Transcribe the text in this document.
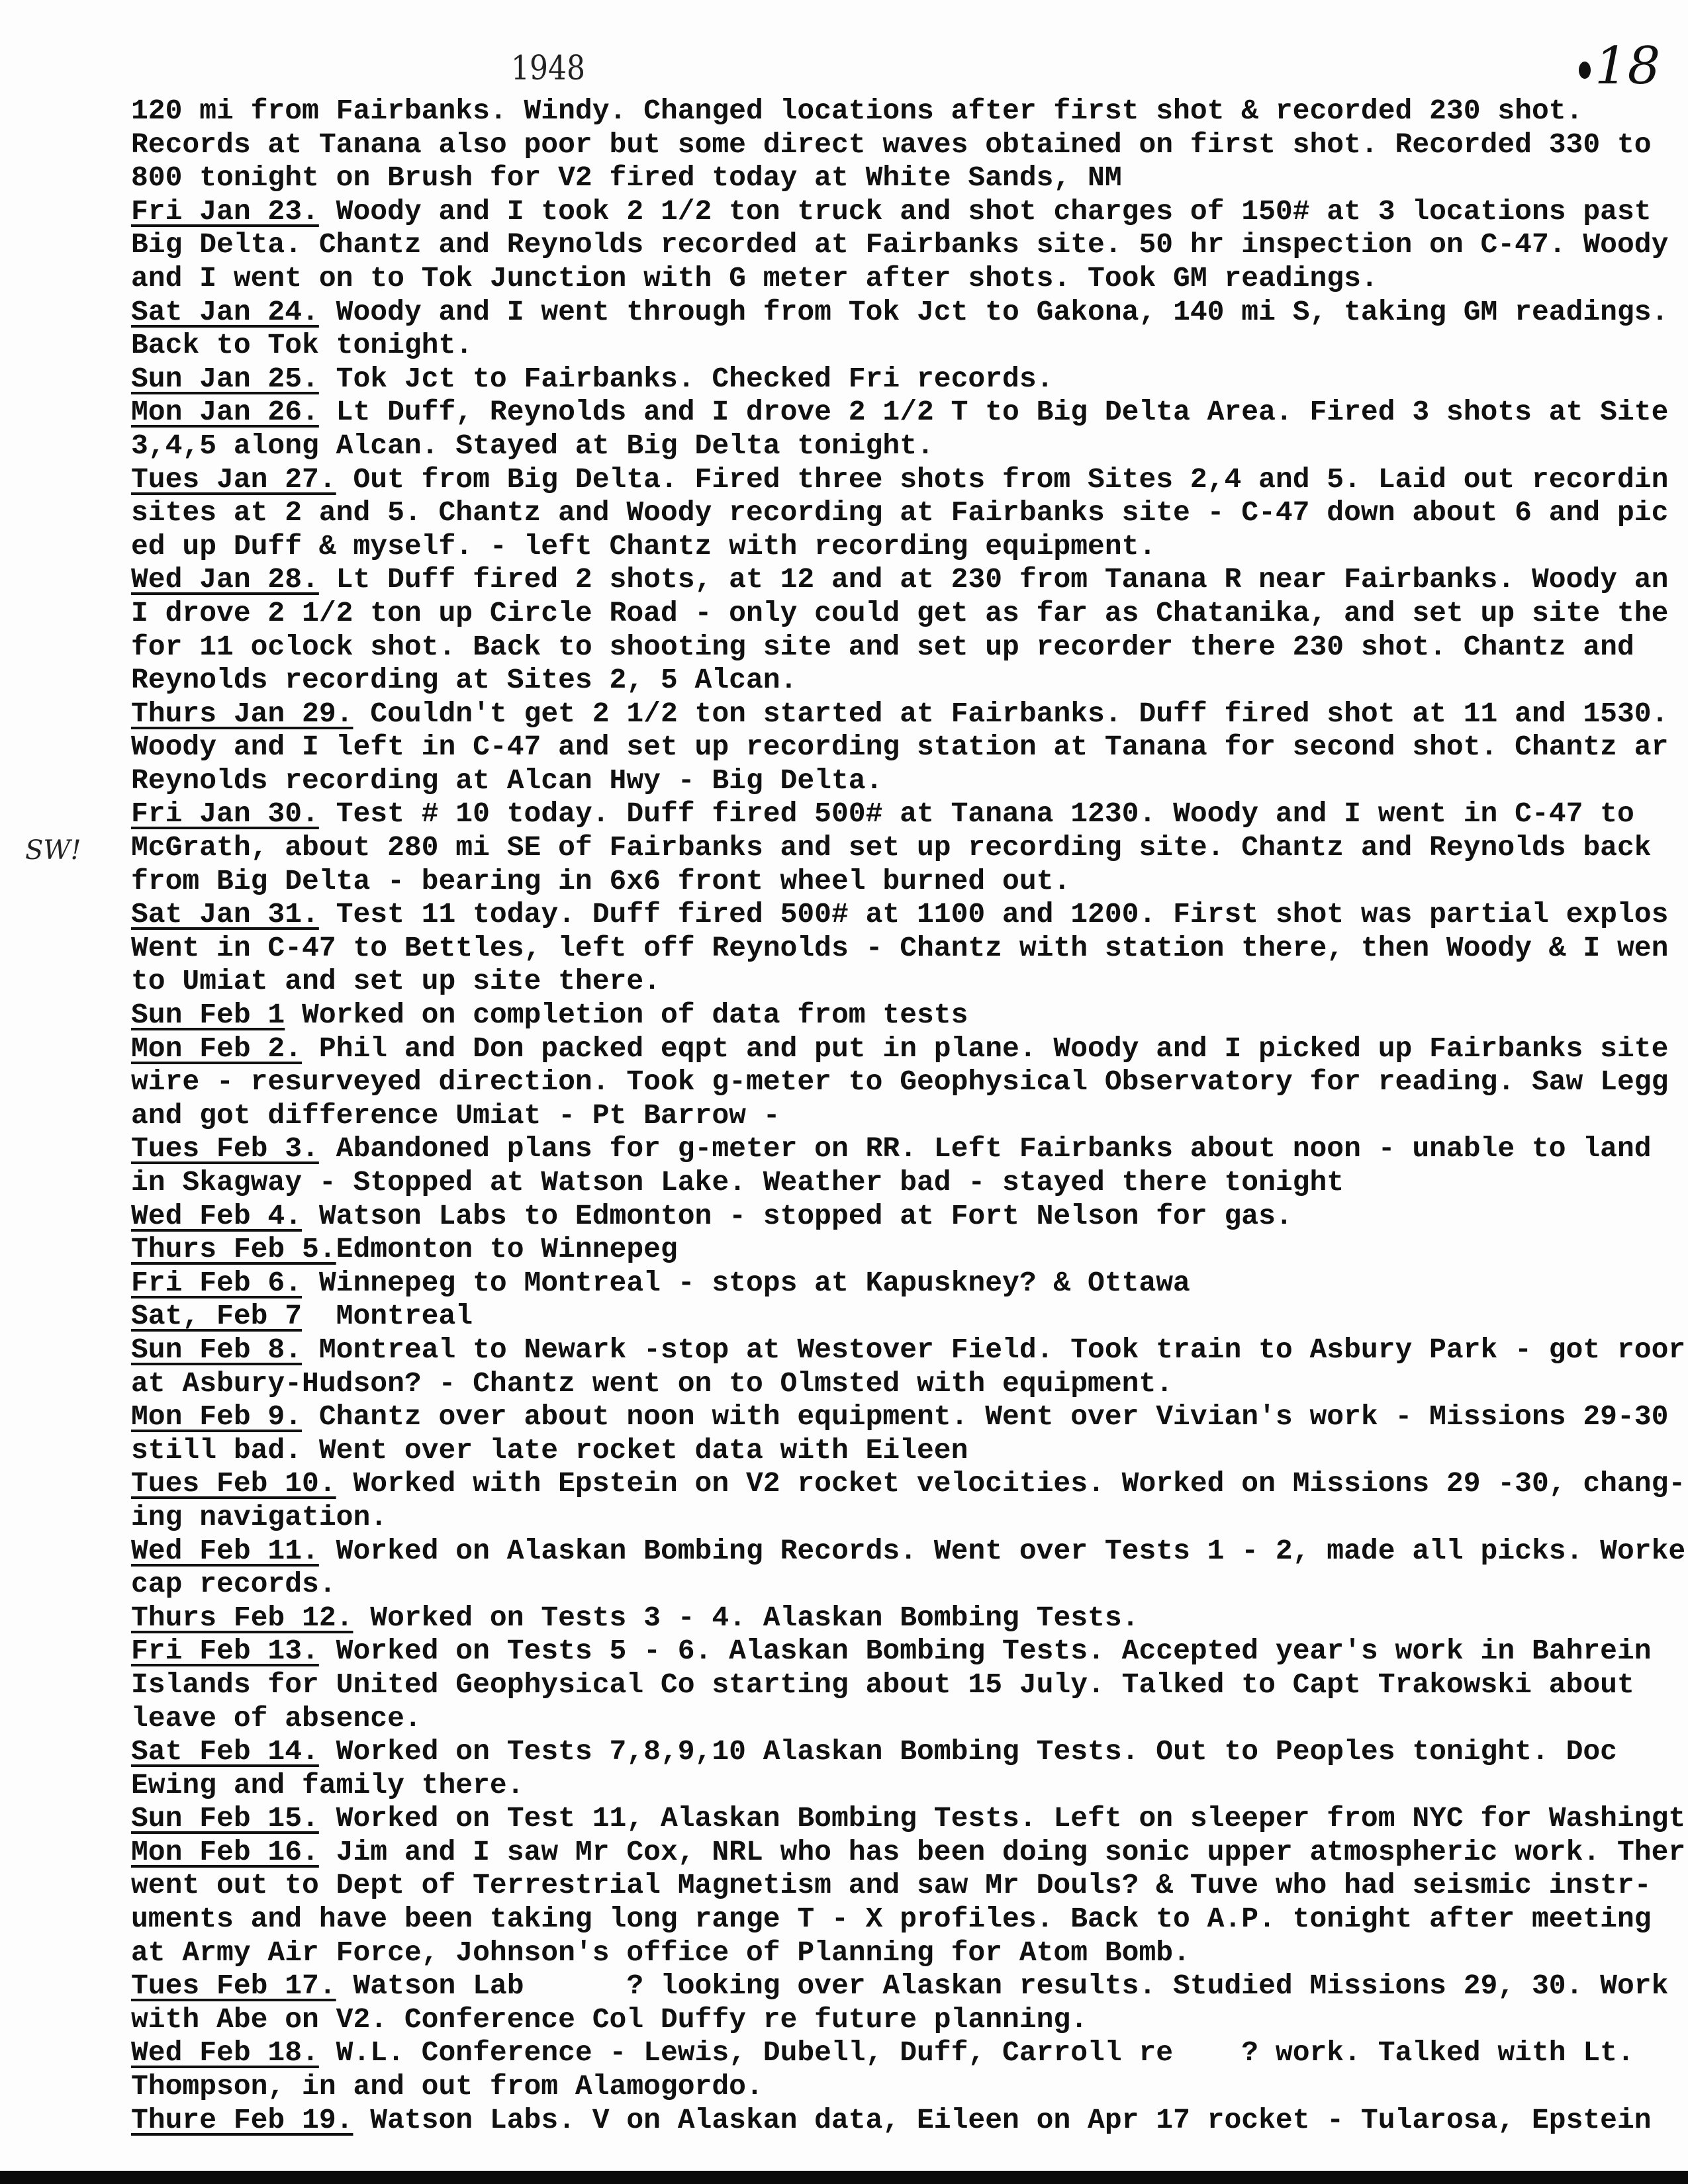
1948	18
SW!
120 mi from Fairbanks. Windy. Changed locations after first shot & recorded 230 shot.
Records at Tanana also poor but some direct waves obtained on first shot. Recorded 330 to
800 tonight on Brush for V2 fired today at White Sands, NM
Fri Jan 23. Woody and I took 2 1/2 ton truck and shot charges of 150# at 3 locations past
Big Delta. Chantz and Reynolds recorded at Fairbanks site. 50 hr inspection on C-47. Woody
and I went on to Tok Junction with G meter after shots. Took GM readings.
Sat Jan 24. Woody and I went through from Tok Jct to Gakona, 140 mi S, taking GM readings.
Back to Tok tonight.
Sun Jan 25. Tok Jct to Fairbanks. Checked Fri records.
Mon Jan 26. Lt Duff, Reynolds and I drove 2 1/2 T to Big Delta Area. Fired 3 shots at Site
3,4,5 along Alcan. Stayed at Big Delta tonight.
Tues Jan 27. Out from Big Delta. Fired three shots from Sites 2,4 and 5. Laid out recordin
sites at 2 and 5. Chantz and Woody recording at Fairbanks site - C-47 down about 6 and pic
ed up Duff & myself. - left Chantz with recording equipment.
Wed Jan 28. Lt Duff fired 2 shots, at 12 and at 230 from Tanana R near Fairbanks. Woody an
I drove 2 1/2 ton up Circle Road - only could get as far as Chatanika, and set up site the
for 11 oclock shot. Back to shooting site and set up recorder there 230 shot. Chantz and
Reynolds recording at Sites 2, 5 Alcan.
Thurs Jan 29. Couldn't get 2 1/2 ton started at Fairbanks. Duff fired shot at 11 and 1530.
Woody and I left in C-47 and set up recording station at Tanana for second shot. Chantz ar
Reynolds recording at Alcan Hwy - Big Delta.
Fri Jan 30. Test # 10 today. Duff fired 500# at Tanana 1230. Woody and I went in C-47 to
McGrath, about 280 mi SE of Fairbanks and set up recording site. Chantz and Reynolds back
from Big Delta - bearing in 6x6 front wheel burned out.
Sat Jan 31. Test 11 today. Duff fired 500# at 1100 and 1200. First shot was partial explos
Went in C-47 to Bettles, left off Reynolds - Chantz with station there, then Woody & I wen
to Umiat and set up site there.
Sun Feb 1 Worked on completion of data from tests
Mon Feb 2. Phil and Don packed eqpt and put in plane. Woody and I picked up Fairbanks site
wire - resurveyed direction. Took g-meter to Geophysical Observatory for reading. Saw Legg
and got difference Umiat - Pt Barrow -
Tues Feb 3. Abandoned plans for g-meter on RR. Left Fairbanks about noon - unable to land
in Skagway - Stopped at Watson Lake. Weather bad - stayed there tonight
Wed Feb 4. Watson Labs to Edmonton - stopped at Fort Nelson for gas.
Thurs Feb 5.Edmonton to Winnepeg
Fri Feb 6. Winnepeg to Montreal - stops at Kapuskney? & Ottawa
Sat, Feb 7  Montreal
Sun Feb 8. Montreal to Newark -stop at Westover Field. Took train to Asbury Park - got roor
at Asbury-Hudson? - Chantz went on to Olmsted with equipment.
Mon Feb 9. Chantz over about noon with equipment. Went over Vivian's work - Missions 29-30
still bad. Went over late rocket data with Eileen
Tues Feb 10. Worked with Epstein on V2 rocket velocities. Worked on Missions 29 -30, chang-
ing navigation.
Wed Feb 11. Worked on Alaskan Bombing Records. Went over Tests 1 - 2, made all picks. Worke
cap records.
Thurs Feb 12. Worked on Tests 3 - 4. Alaskan Bombing Tests.
Fri Feb 13. Worked on Tests 5 - 6. Alaskan Bombing Tests. Accepted year's work in Bahrein
Islands for United Geophysical Co starting about 15 July. Talked to Capt Trakowski about
leave of absence.
Sat Feb 14. Worked on Tests 7,8,9,10 Alaskan Bombing Tests. Out to Peoples tonight. Doc
Ewing and family there.
Sun Feb 15. Worked on Test 11, Alaskan Bombing Tests. Left on sleeper from NYC for Washingt
Mon Feb 16. Jim and I saw Mr Cox, NRL who has been doing sonic upper atmospheric work. Ther
went out to Dept of Terrestrial Magnetism and saw Mr Douls? & Tuve who had seismic instr-
uments and have been taking long range T - X profiles. Back to A.P. tonight after meeting
at Army Air Force, Johnson's office of Planning for Atom Bomb.
Tues Feb 17. Watson Lab      ? looking over Alaskan results. Studied Missions 29, 30. Work
with Abe on V2. Conference Col Duffy re future planning.
Wed Feb 18. W.L. Conference - Lewis, Dubell, Duff, Carroll re    ? work. Talked with Lt.
Thompson, in and out from Alamogordo.
Thure Feb 19. Watson Labs. V on Alaskan data, Eileen on Apr 17 rocket - Tularosa, Epstein
